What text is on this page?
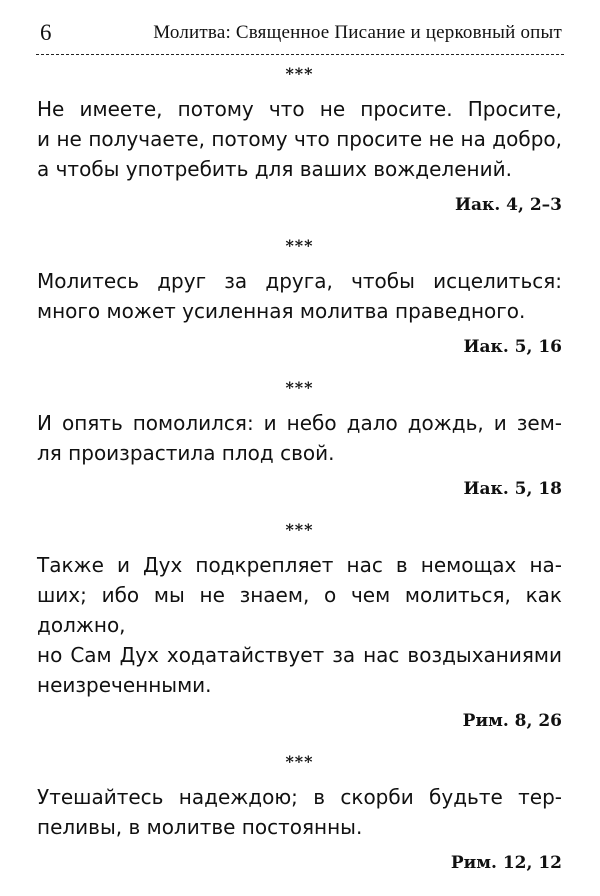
6	Молитва: Священное Писание и церковный опыт
***
Не имеете, потому что не просите. Просите,
и не получаете, потому что просите не на добро,
а чтобы употребить для ваших вожделений.
Иак. 4, 2–3
***
Молитесь друг за друга, чтобы исцелиться:
много может усиленная молитва праведного.
Иак. 5, 16
***
И опять помолился: и небо дало дождь, и зем-
ля произрастила плод свой.
Иак. 5, 18
***
Также и Дух подкрепляет нас в немощах на-
ших; ибо мы не знаем, о чем молиться, как должно,
но Сам Дух ходатайствует за нас воздыханиями
неизреченными.
Рим. 8, 26
***
Утешайтесь надеждою; в скорби будьте тер-
пеливы, в молитве постоянны.
Рим. 12, 12
